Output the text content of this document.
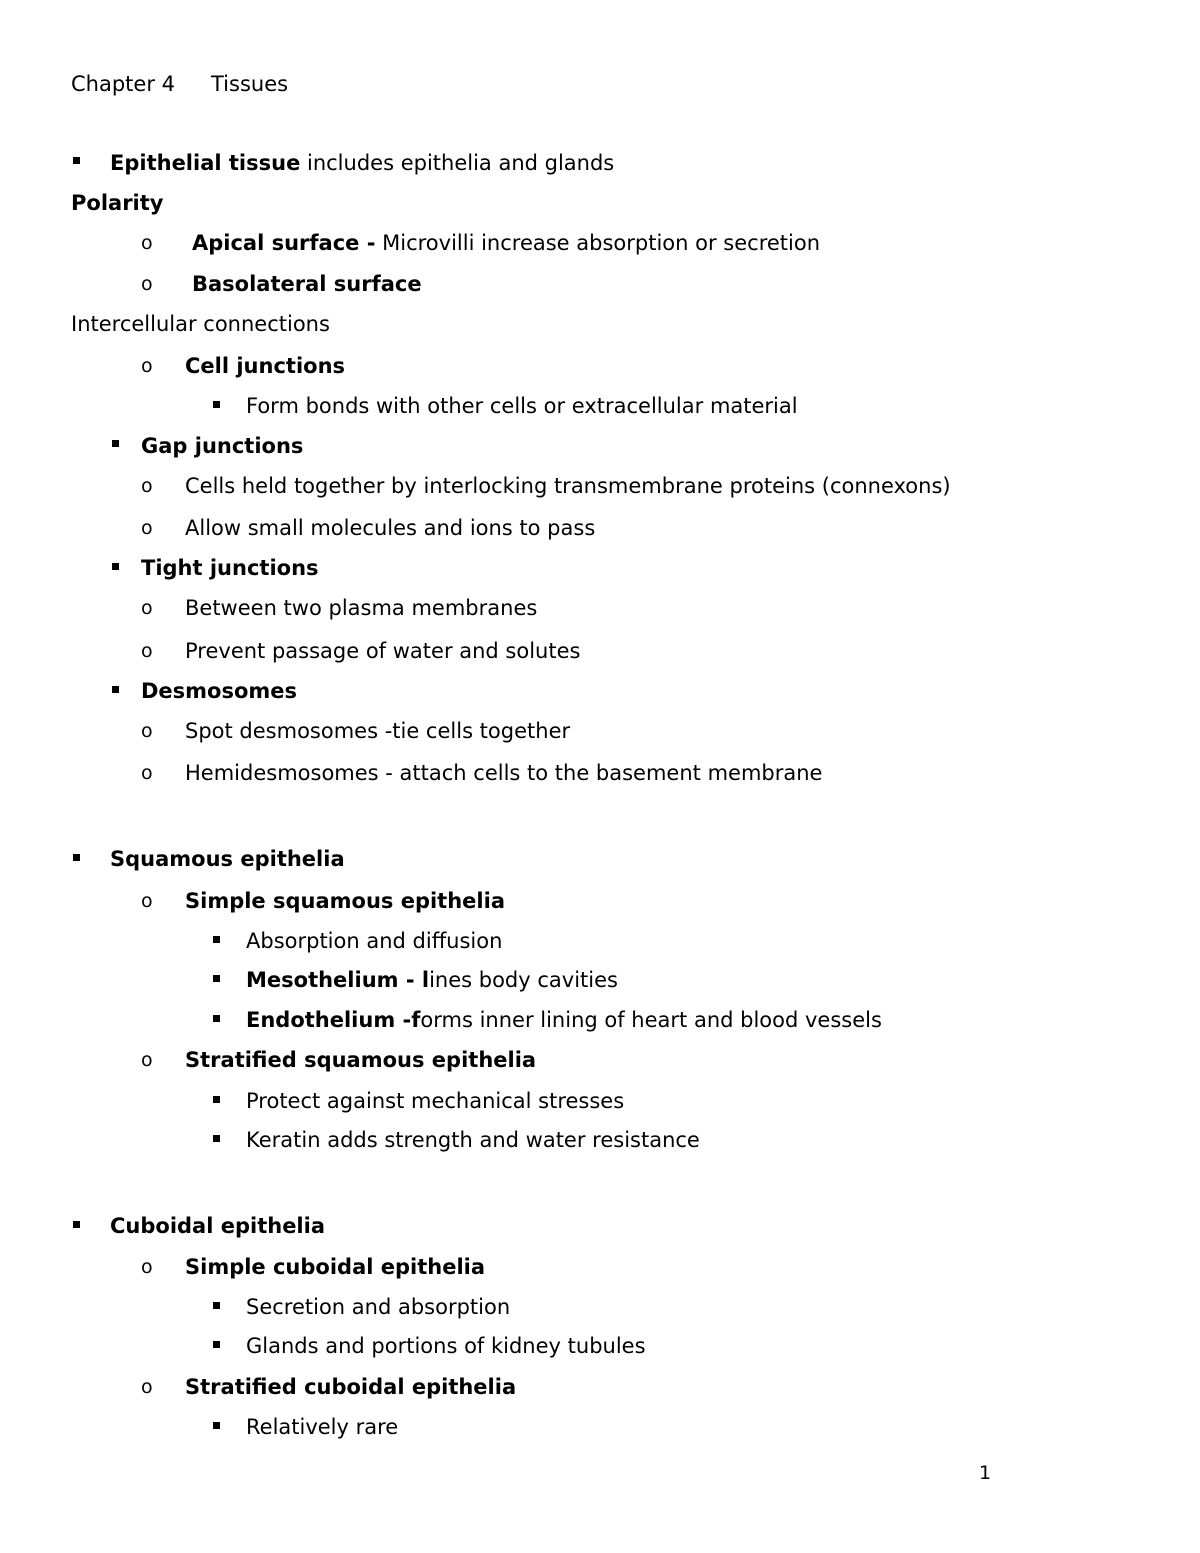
Chapter 4 Tissues
Epithelial tissue includes epithelia and glands
Polarity
o Apical surface - Microvilli increase absorption or secretion
o Basolateral surface
Intercellular connections
o Cell junctions
Form bonds with other cells or extracellular material
Gap junctions
o Cells held together by interlocking transmembrane proteins (connexons)
o Allow small molecules and ions to pass
Tight junctions
o Between two plasma membranes
o Prevent passage of water and solutes
Desmosomes
o Spot desmosomes -tie cells together
o Hemidesmosomes - attach cells to the basement membrane
Squamous epithelia
o Simple squamous epithelia
Absorption and diffusion
Mesothelium - lines body cavities
Endothelium -forms inner lining of heart and blood vessels
o Stratified squamous epithelia
Protect against mechanical stresses
Keratin adds strength and water resistance
Cuboidal epithelia
o Simple cuboidal epithelia
Secretion and absorption
Glands and portions of kidney tubules
o Stratified cuboidal epithelia
Relatively rare
1
